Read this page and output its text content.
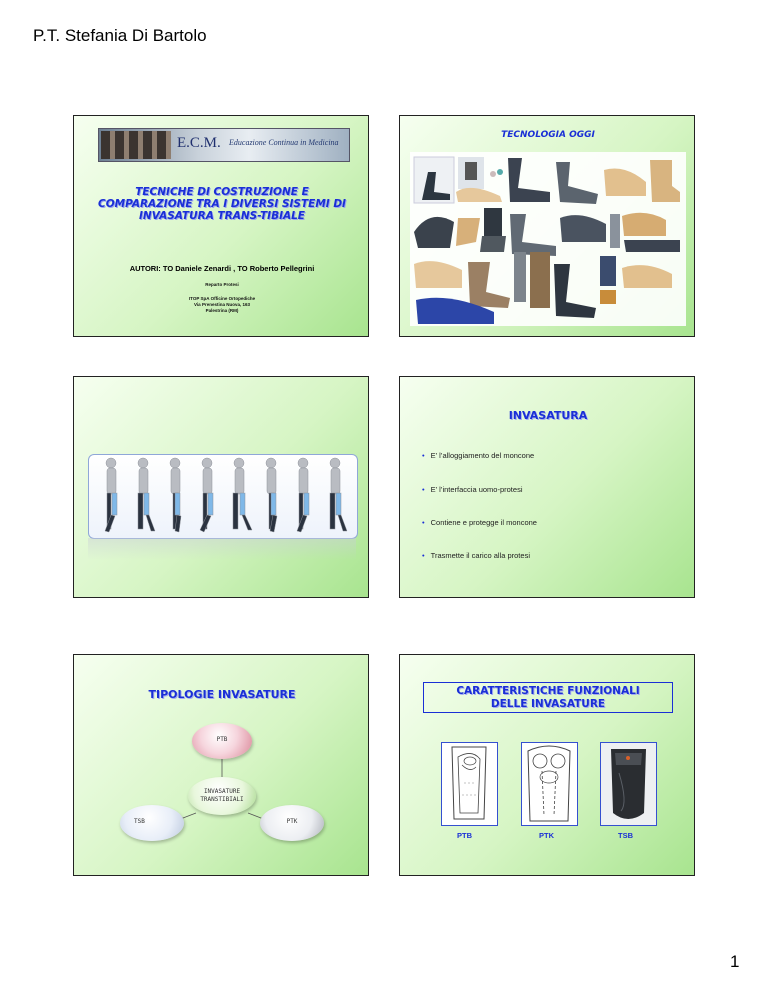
P.T. Stefania Di Bartolo
E.C.M. Educazione Continua in Medicina
TECNICHE DI COSTRUZIONE E
COMPARAZIONE TRA I DIVERSI SISTEMI DI
INVASATURA TRANS-TIBIALE
AUTORI: TO Daniele Zenardi , TO Roberto Pellegrini
Reparto Protesi
ITOP SpA Officine Ortopediche
Via Prenestina Nuova, 163
Palestrina (RM)
TECNOLOGIA OGGI
INVASATURA
• E’ l’alloggiamento del moncone
• E’ l’interfaccia uomo-protesi
• Contiene e protegge il moncone
• Trasmette il carico alla protesi
TIPOLOGIE INVASATURE
PTB
INVASATURE
TRANSTIBIALI
TSB	PTK
CARATTERISTICHE FUNZIONALI
DELLE INVASATURE
PTB	PTK	TSB
1
